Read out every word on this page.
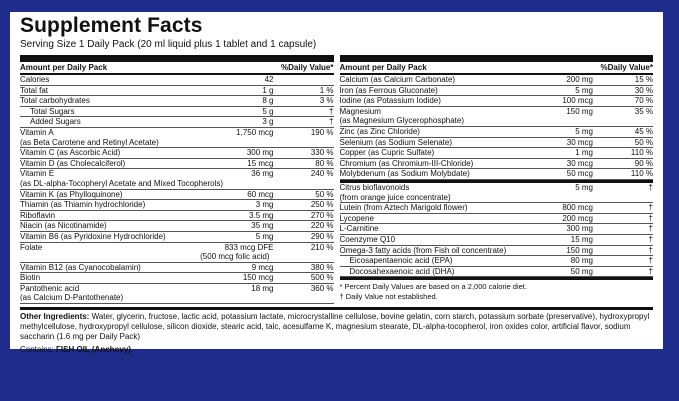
Supplement Facts
Serving Size 1 Daily Pack (20 ml liquid plus 1 tablet and 1 capsule)
Amount per Daily Pack	%Daily Value*
Calories	42
Total fat	1 g	1 %
Total carbohydrates	8 g	3 %
Total Sugars	5 g	†
Added Sugars	3 g	†
Vitamin A	1,750 mcg	190 %
(as Beta Carotene and Retinyl Acetate)
Vitamin C (as Ascorbic Acid)	300 mg	330 %
Vitamin D (as Cholecalciferol)	15 mcg	80 %
Vitamin E	36 mg	240 %
(as DL-alpha-Tocopheryl Acetate and Mixed Tocopherols)
Vitamin K (as Phylloquinone)	60 mcg	50 %
Thiamin (as Thiamin hydrochloride)	3 mg	250 %
Riboflavin	3.5 mg	270 %
Niacin (as Nicotinamide)	35 mg	220 %
Vitamin B6 (as Pyridoxine Hydrochloride)	5 mg	290 %
Folate	833 mcg DFE	210 %
(500 mcg folic acid)
Vitamin B12 (as Cyanocobalamin)	9 mcg	380 %
Biotin	150 mcg	500 %
Pantothenic acid	18 mg	360 %
(as Calcium D-Pantothenate)
Amount per Daily Pack	%Daily Value*
Calcium (as Calcium Carbonate)	200 mg	15 %
Iron (as Ferrous Gluconate)	5 mg	30 %
Iodine (as Potassium Iodide)	100 mcg	70 %
Magnesium	150 mg	35 %
(as Magnesium Glycerophosphate)
Zinc (as Zinc Chloride)	5 mg	45 %
Selenium (as Sodium Selenate)	30 mcg	50 %
Copper (as Cupric Sulfate)	1 mg	110 %
Chromium (as Chromium-III-Chloride)	30 mcg	90 %
Molybdenum (as Sodium Molybdate)	50 mcg	110 %
Citrus bioflavonoids	5 mg	†
(from orange juice concentrate)
Lutein (from Aztech Marigold flower)	800 mcg	†
Lycopene	200 mcg	†
L-Carnitine	300 mg	†
Coenzyme Q10	15 mg	†
Omega-3 fatty acids (from Fish oil concentrate)	150 mg	†
Eicosapentaenoic acid (EPA)	80 mg	†
Docosahexaenoic acid (DHA)	50 mg	†
* Percent Daily Values are based on a 2,000 calorie diet.
† Daily Value not established.
Other Ingredients: Water, glycerin, fructose, lactic acid, potassium lactate, microcrystalline cellulose, bovine gelatin, corn starch, potassium sorbate (preservative), hydroxypropyl methylcellulose, hydroxypropyl cellulose, silicon dioxide, stearic acid, talc, acesulfame K, magnesium stearate, DL-alpha-tocopherol, iron oxides color, artificial flavor, sodium saccharin (1.6 mg per Daily Pack)
Contains: FISH OIL (Anchovy)
